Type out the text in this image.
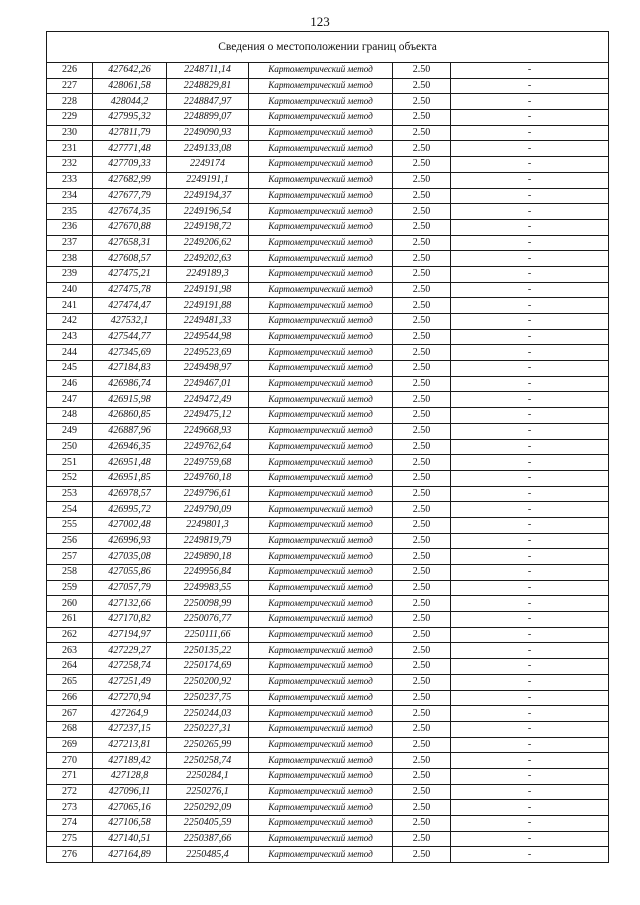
123
Сведения о местоположении границ объекта					
226	427642,26	2248711,14	Картометрический метод	2.50	-
227	428061,58	2248829,81	Картометрический метод	2.50	-
228	428044,2	2248847,97	Картометрический метод	2.50	-
229	427995,32	2248899,07	Картометрический метод	2.50	-
230	427811,79	2249090,93	Картометрический метод	2.50	-
231	427771,48	2249133,08	Картометрический метод	2.50	-
232	427709,33	2249174	Картометрический метод	2.50	-
233	427682,99	2249191,1	Картометрический метод	2.50	-
234	427677,79	2249194,37	Картометрический метод	2.50	-
235	427674,35	2249196,54	Картометрический метод	2.50	-
236	427670,88	2249198,72	Картометрический метод	2.50	-
237	427658,31	2249206,62	Картометрический метод	2.50	-
238	427608,57	2249202,63	Картометрический метод	2.50	-
239	427475,21	2249189,3	Картометрический метод	2.50	-
240	427475,78	2249191,98	Картометрический метод	2.50	-
241	427474,47	2249191,88	Картометрический метод	2.50	-
242	427532,1	2249481,33	Картометрический метод	2.50	-
243	427544,77	2249544,98	Картометрический метод	2.50	-
244	427345,69	2249523,69	Картометрический метод	2.50	-
245	427184,83	2249498,97	Картометрический метод	2.50	-
246	426986,74	2249467,01	Картометрический метод	2.50	-
247	426915,98	2249472,49	Картометрический метод	2.50	-
248	426860,85	2249475,12	Картометрический метод	2.50	-
249	426887,96	2249668,93	Картометрический метод	2.50	-
250	426946,35	2249762,64	Картометрический метод	2.50	-
251	426951,48	2249759,68	Картометрический метод	2.50	-
252	426951,85	2249760,18	Картометрический метод	2.50	-
253	426978,57	2249796,61	Картометрический метод	2.50	-
254	426995,72	2249790,09	Картометрический метод	2.50	-
255	427002,48	2249801,3	Картометрический метод	2.50	-
256	426996,93	2249819,79	Картометрический метод	2.50	-
257	427035,08	2249890,18	Картометрический метод	2.50	-
258	427055,86	2249956,84	Картометрический метод	2.50	-
259	427057,79	2249983,55	Картометрический метод	2.50	-
260	427132,66	2250098,99	Картометрический метод	2.50	-
261	427170,82	2250076,77	Картометрический метод	2.50	-
262	427194,97	2250111,66	Картометрический метод	2.50	-
263	427229,27	2250135,22	Картометрический метод	2.50	-
264	427258,74	2250174,69	Картометрический метод	2.50	-
265	427251,49	2250200,92	Картометрический метод	2.50	-
266	427270,94	2250237,75	Картометрический метод	2.50	-
267	427264,9	2250244,03	Картометрический метод	2.50	-
268	427237,15	2250227,31	Картометрический метод	2.50	-
269	427213,81	2250265,99	Картометрический метод	2.50	-
270	427189,42	2250258,74	Картометрический метод	2.50	-
271	427128,8	2250284,1	Картометрический метод	2.50	-
272	427096,11	2250276,1	Картометрический метод	2.50	-
273	427065,16	2250292,09	Картометрический метод	2.50	-
274	427106,58	2250405,59	Картометрический метод	2.50	-
275	427140,51	2250387,66	Картометрический метод	2.50	-
276	427164,89	2250485,4	Картометрический метод	2.50	-
